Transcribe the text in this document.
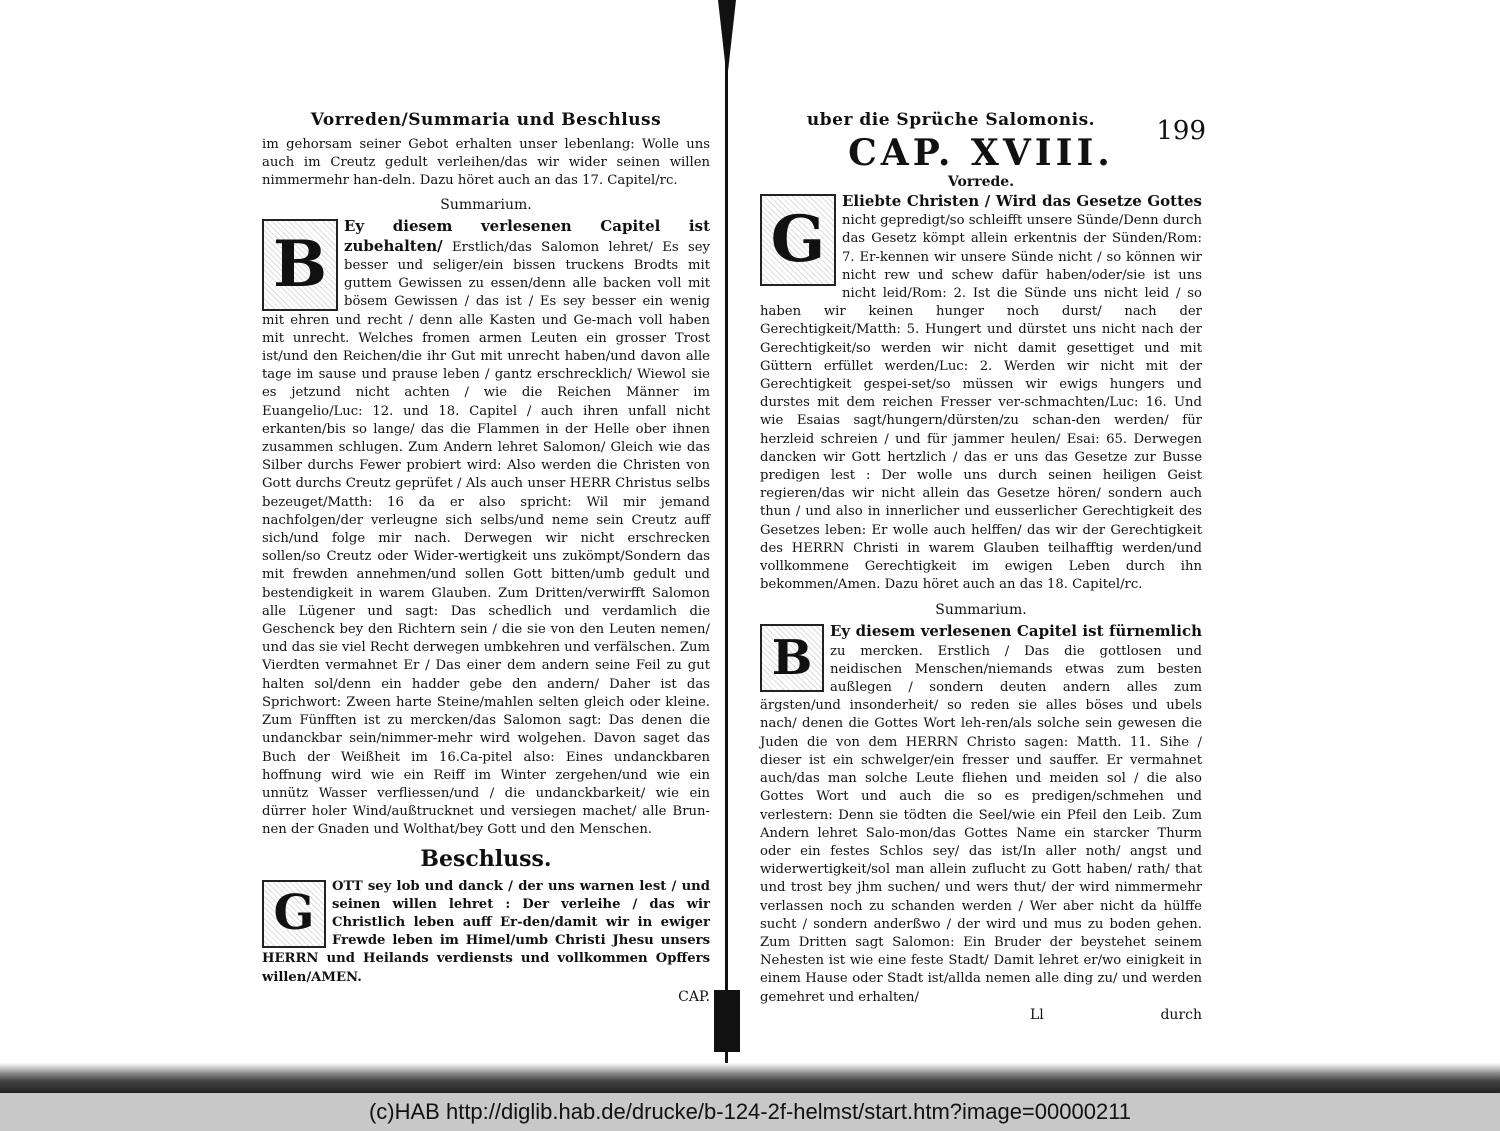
Vorreden/Summaria und Beschluss
im gehorsam seiner Gebot erhalten unser lebenlang: Wolle uns auch im Creutz gedult verleihen/das wir wider seinen willen nimmermehr han-deln. Dazu höret auch an das 17. Capitel/rc.
Summarium.
B
Ey diesem verlesenen Capitel ist zubehalten/ Erstlich/das Salomon lehret/ Es sey besser und seliger/ein bissen truckens Brodts mit guttem Gewissen zu essen/denn alle backen voll mit bösem Gewissen / das ist / Es sey besser ein wenig mit ehren und recht / denn alle Kasten und Ge-mach voll haben mit unrecht. Welches fromen armen Leuten ein grosser Trost ist/und den Reichen/die ihr Gut mit unrecht haben/und davon alle tage im sause und prause leben / gantz erschrecklich/ Wiewol sie es jetzund nicht achten / wie die Reichen Männer im Euangelio/Luc: 12. und 18. Capitel / auch ihren unfall nicht erkanten/bis so lange/ das die Flammen in der Helle ober ihnen zusammen schlugen. Zum Andern lehret Salomon/ Gleich wie das Silber durchs Fewer probiert wird: Also werden die Christen von Gott durchs Creutz geprüfet / Als auch unser HERR Christus selbs bezeuget/Matth: 16 da er also spricht: Wil mir jemand nachfolgen/der verleugne sich selbs/und neme sein Creutz auff sich/und folge mir nach. Derwegen wir nicht erschrecken sollen/so Creutz oder Wider-wertigkeit uns zukömpt/Sondern das mit frewden annehmen/und sollen Gott bitten/umb gedult und bestendigkeit in warem Glauben. Zum Dritten/verwirfft Salomon alle Lügener und sagt: Das schedlich und verdamlich die Geschenck bey den Richtern sein / die sie von den Leuten nemen/ und das sie viel Recht derwegen umbkehren und verfälschen. Zum Vierdten vermahnet Er / Das einer dem andern seine Feil zu gut halten sol/denn ein hadder gebe den andern/ Daher ist das Sprichwort: Zween harte Steine/mahlen selten gleich oder kleine. Zum Fünfften ist zu mercken/das Salomon sagt: Das denen die undanckbar sein/nimmer-mehr wird wolgehen. Davon saget das Buch der Weißheit im 16.Ca-pitel also: Eines undanckbaren hoffnung wird wie ein Reiff im Winter zergehen/und wie ein unnütz Wasser verfliessen/und / die undanckbarkeit/ wie ein dürrer holer Wind/außtrucknet und versiegen machet/ alle Brun-nen der Gnaden und Wolthat/bey Gott und den Menschen.
Beschluss.
G	OTT sey lob und danck / der uns warnen lest / und seinen willen lehret : Der verleihe / das wir Christlich leben auff Er-den/damit wir in ewiger Frewde leben im Himel/umb Christi Jhesu unsers HERRN und Heilands verdiensts und vollkommen Opffers willen/AMEN.
CAP.
uber die Sprüche Salomonis.	199
CAP. XVIII.
Vorrede.
G
Eliebte Christen / Wird das Gesetze Gottes nicht gepredigt/so schleifft unsere Sünde/Denn durch das Gesetz kömpt allein erkentnis der Sünden/Rom: 7. Er-kennen wir unsere Sünde nicht / so können wir nicht rew und schew dafür haben/oder/sie ist uns nicht leid/Rom: 2. Ist die Sünde uns nicht leid / so haben wir keinen hunger noch durst/ nach der Gerechtigkeit/Matth: 5. Hungert und dürstet uns nicht nach der Gerechtigkeit/so werden wir nicht damit gesettiget und mit Güttern erfüllet werden/Luc: 2. Werden wir nicht mit der Gerechtigkeit gespei-set/so müssen wir ewigs hungers und durstes mit dem reichen Fresser ver-schmachten/Luc: 16. Und wie Esaias sagt/hungern/dürsten/zu schan-den werden/ für herzleid schreien / und für jammer heulen/ Esai: 65. Derwegen dancken wir Gott hertzlich / das er uns das Gesetze zur Busse predigen lest : Der wolle uns durch seinen heiligen Geist regieren/das wir nicht allein das Gesetze hören/ sondern auch thun / und also in innerlicher und eusserlicher Gerechtigkeit des Gesetzes leben: Er wolle auch helffen/ das wir der Gerechtigkeit des HERRN Christi in warem Glauben teilhafftig werden/und vollkommene Gerechtigkeit im ewigen Leben durch ihn bekommen/Amen. Dazu höret auch an das 18. Capitel/rc.
Summarium.
B	Ey diesem verlesenen Capitel ist fürnemlich zu mercken. Erstlich / Das die gottlosen und neidischen Menschen/niemands etwas zum besten außlegen / sondern deuten andern alles zum ärgsten/und insonderheit/ so reden sie alles böses und ubels nach/ denen die Gottes Wort leh-ren/als solche sein gewesen die Juden die von dem HERRN Christo sagen: Matth. 11. Sihe / dieser ist ein schwelger/ein fresser und sauffer. Er vermahnet auch/das man solche Leute fliehen und meiden sol / die also Gottes Wort und auch die so es predigen/schmehen und verlestern: Denn sie tödten die Seel/wie ein Pfeil den Leib. Zum Andern lehret Salo-mon/das Gottes Name ein starcker Thurm oder ein festes Schlos sey/ das ist/In aller noth/ angst und widerwertigkeit/sol man allein zuflucht zu Gott haben/ rath/ that und trost bey jhm suchen/ und wers thut/ der wird nimmermehr verlassen noch zu schanden werden / Wer aber nicht da hülffe sucht / sondern anderßwo / der wird und mus zu boden gehen. Zum Dritten sagt Salomon: Ein Bruder der beystehet seinem Nehesten ist wie eine feste Stadt/ Damit lehret er/wo einigkeit in einem Hause oder Stadt ist/allda nemen alle ding zu/ und werden gemehret und erhalten/
Ll	durch
(c)HAB http://diglib.hab.de/drucke/b-124-2f-helmst/start.htm?image=00000211
